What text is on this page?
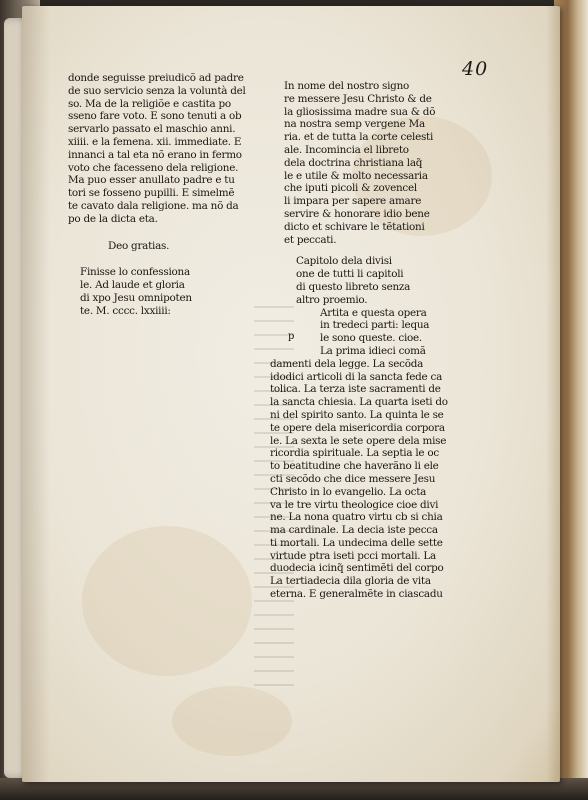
40
donde seguisse preiudicõ ad padre
de suo servicio senza la voluntà del
so. Ma de la religiõe e castita po
sseno fare voto. E sono tenuti a ob
servarlo passato el maschio anni.
xiiii. e la femena. xii. immediate. E
innanci a tal eta nõ erano in fermo
voto che facesseno dela religione.
Ma puo esser anullato padre e tu
tori se fosseno pupilli. E simelmẽ
te cavato dala religione. ma nõ da
po de la dicta eta.
Deo gratias.
Finisse lo confessiona
le. Ad laude et gloria
di xpo Jesu omnipoten
te. M. cccc. lxxiiii:
In nome del nostro signo
re messere Jesu Christo & de
la gliosissima madre sua & dõ
na nostra semp vergene Ma
ria. et de tutta la corte celesti
ale. Incomincia el libreto
dela doctrina christiana laq̃
le e utile & molto necessaria
che iputi picoli & zovencel
li impara per sapere amare
servire & honorare idio bene
dicto et schivare le tẽtationi
et peccati.
Capitolo dela divisi
one de tutti li capitoli
di questo libreto senza
altro proemio.
p
Artita e questa opera
in tredeci parti: lequa
le sono queste. cioe.
La prima idieci comã
damenti dela legge. La secõda
idodici articoli di la sancta fede ca
tolica. La terza iste sacramenti de
la sancta chiesia. La quarta iseti do
ni del spirito santo. La quinta le se
te opere dela misericordia corpora
le. La sexta le sete opere dela mise
ricordia spirituale. La septia le oc
to beatitudine che haverãno li ele
cti secõdo che dice messere Jesu
Christo in lo evangelio. La octa
va le tre virtu theologice cioe divi
ne. La nona quatro virtu cb si chia
ma cardinale. La decia iste pecca
ti mortali. La undecima delle sette
virtude ptra iseti pcci mortali. La
duodecia icinq̃ sentimẽti del corpo
La tertiadecia dila gloria de vita
eterna. E generalmẽte in ciascadu
